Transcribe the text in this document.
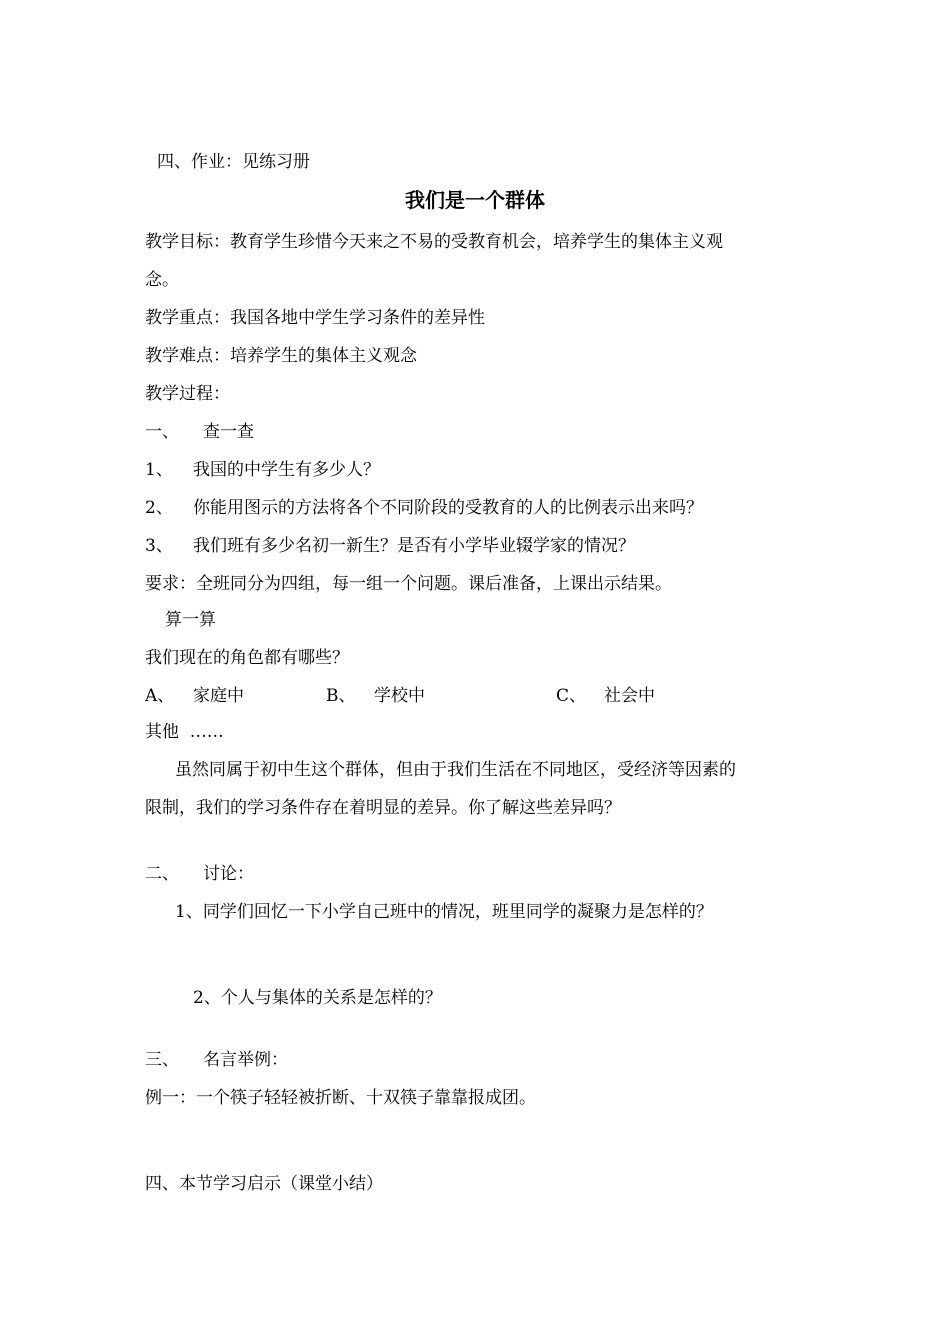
四、作业：见练习册
我们是一个群体
教学目标：教育学生珍惜今天来之不易的受教育机会，培养学生的集体主义观
念。
教学重点：我国各地中学生学习条件的差异性
教学难点：培养学生的集体主义观念
教学过程：
一、 查一查
1、 我国的中学生有多少人？
2、 你能用图示的方法将各个不同阶段的受教育的人的比例表示出来吗？
3、 我们班有多少名初一新生？是否有小学毕业辍学家的情况？
要求：全班同分为四组，每一组一个问题。课后准备，上课出示结果。
算一算
我们现在的角色都有哪些？
A、 家庭中	B、 学校中	C、 社会中
其他  ……
虽然同属于初中生这个群体，但由于我们生活在不同地区，受经济等因素的
限制，我们的学习条件存在着明显的差异。你了解这些差异吗？
二、 讨论：
1、同学们回忆一下小学自己班中的情况，班里同学的凝聚力是怎样的？
2、个人与集体的关系是怎样的？
三、 名言举例：
例一：一个筷子轻轻被折断、十双筷子靠靠报成团。
四、本节学习启示（课堂小结）
